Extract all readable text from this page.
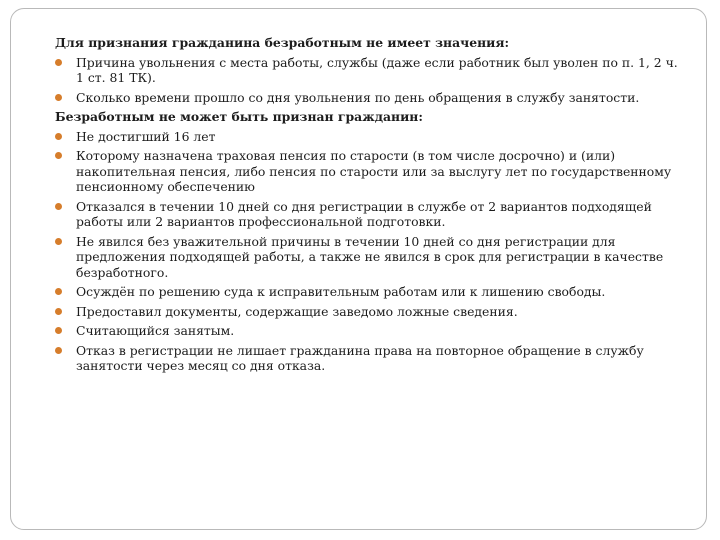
Для признания гражданина безработным не имеет значения:
Причина увольнения с места работы, службы (даже если работник был уволен по п. 1, 2 ч. 1 ст. 81 ТК).
Сколько времени прошло со дня увольнения по день обращения в службу занятости.
Безработным не может быть признан гражданин:
Не достигший 16 лет
Которому назначена траховая пенсия по старости (в том числе досрочно) и (или) накопительная пенсия, либо пенсия по старости или за выслугу лет по государственному пенсионному обеспечению
Отказался в течении 10 дней со дня регистрации в службе от 2 вариантов подходящей работы или 2 вариантов профессиональной подготовки.
Не явился без уважительной причины в течении 10 дней со дня регистрации для предложения подходящей работы, а также не явился в срок для регистрации в качестве безработного.
Осуждён по решению суда к исправительным работам или к лишению свободы.
Предоставил документы, содержащие заведомо ложные сведения.
Считающийся занятым.
Отказ в регистрации не лишает гражданина права на повторное обращение в службу занятости через месяц со дня отказа.
